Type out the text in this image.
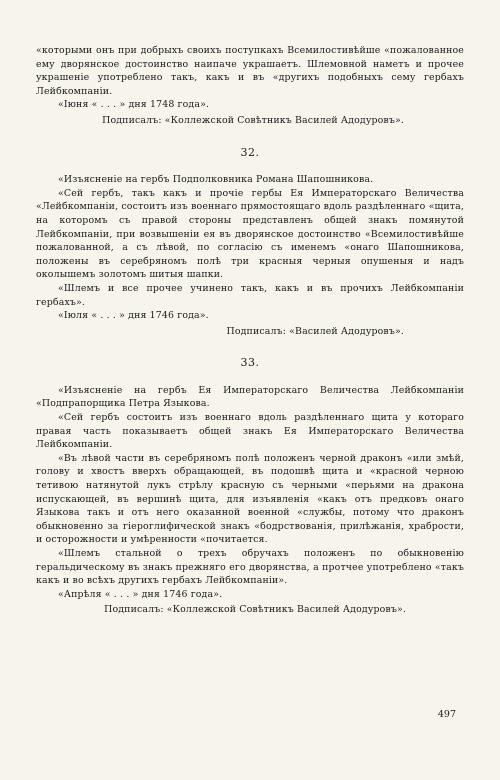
«которыми онъ при добрыхъ своихъ поступкахъ Всемилостивѣйше «пожалованное ему дворянское достоинство наипаче украшаетъ. Шлемовной наметъ и прочее украшеніе употреблено такъ, какъ и въ «другихъ подобныхъ сему гербахъ Лейбкомпаніи.

«Іюня « . . . » дня 1748 года».

Подписалъ: «Коллежской Совѣтникъ Василей Адодуровъ».

32.

«Изъясненіе на гербъ Подполковника Романа Шапошникова.

«Сей гербъ, такъ какъ и прочіе гербы Ея Императорскаго Величества «Лейбкомпаніи, состоитъ изъ военнаго прямостоящаго вдоль раздѣленнаго «щита, на которомъ съ правой стороны представленъ общей знакъ помянутой Лейбкомпаніи, при возвышеніи ея въ дворянское достоинство «Всемилостивѣйше пожалованной, а съ лѣвой, по согласію съ именемъ «онаго Шапошникова, положены въ серебряномъ полѣ три красныя черныя опушеныя и надъ околышемъ золотомъ шитыя шапки.

«Шлемъ и все прочее учинено такъ, какъ и въ прочихъ Лейбкомпаніи гербахъ».

«Іюля « . . . » дня 1746 года».

Подписалъ: «Василей Адодуровъ».

33.

«Изъясненіе на гербъ Ея Императорскаго Величества Лейбкомпаніи «Подпрапорщика Петра Языкова.

«Сей гербъ состоитъ изъ военнаго вдоль раздѣленнаго щита у котораго правая часть показываетъ общей знакъ Ея Императорскаго Величества Лейбкомпаніи.

«Въ лѣвой части въ серебряномъ полѣ положенъ черной драконъ «или змѣй, голову и хвостъ вверхъ обращающей, въ подошвѣ щита и «красной черною тетивою натянутой лукъ стрѣлу красную съ черными «перьями на дракона испускающей, въ вершинѣ щита, для изъявленія «какъ отъ предковъ онаго Языкова такъ и отъ него оказанной военной «службы, потому что драконъ обыкновенно за гіероглифической знакъ «бодрствованія, прилѣжанія, храбрости, и осторожности и умѣренности «почитается.

«Шлемъ стальной о трехъ обручахъ положенъ по обыкновенію геральдическому въ знакъ прежняго его дворянства, а протчее употреблено «такъ какъ и во всѣхъ другихъ гербахъ Лейбкомпаніи».

«Апрѣля « . . . » дня 1746 года».

Подписалъ: «Коллежской Совѣтникъ Василей Адодуровъ».

497
